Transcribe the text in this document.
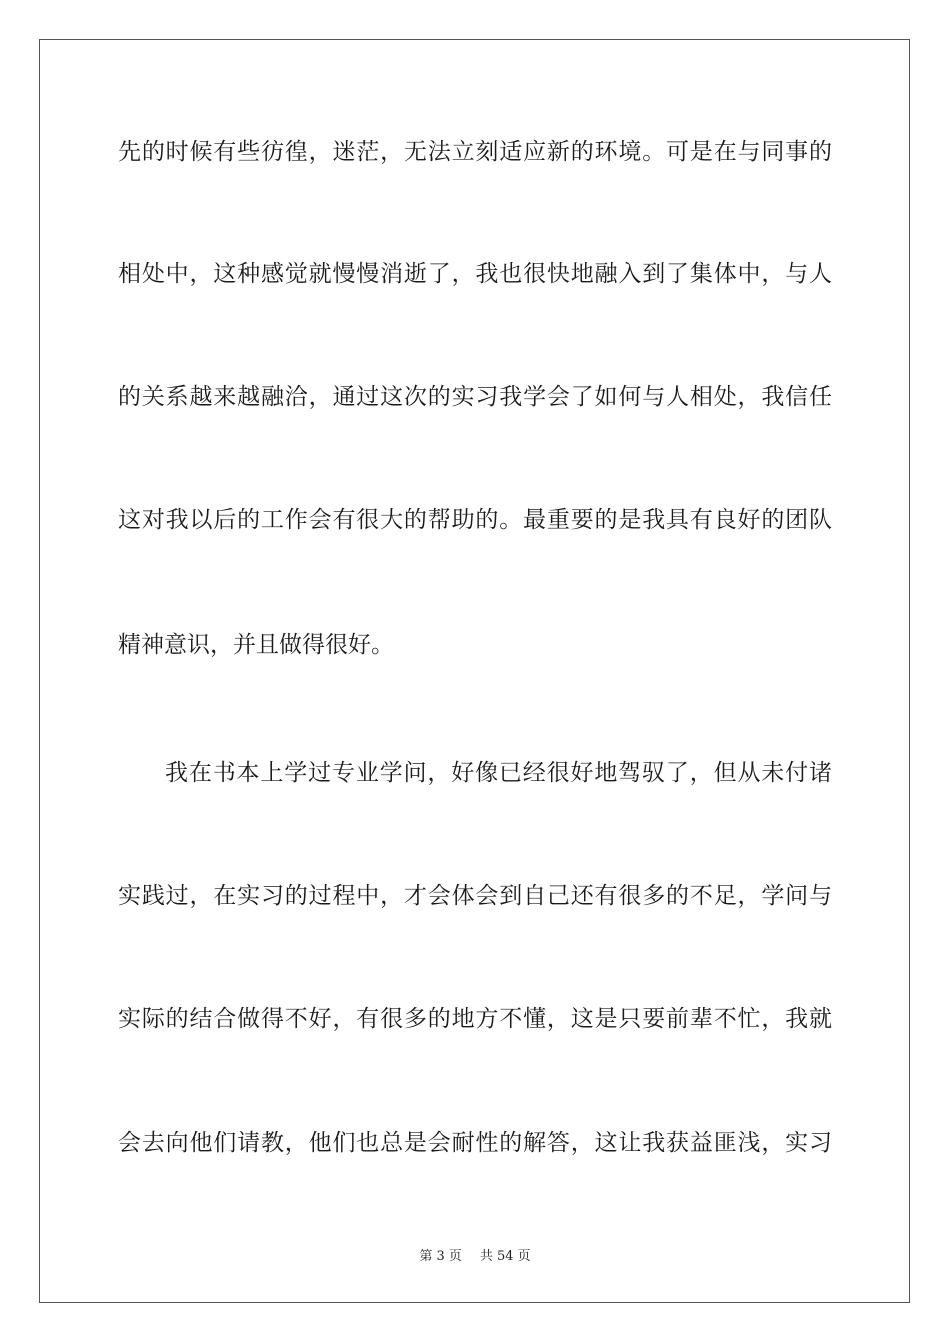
先的时候有些彷徨，迷茫，无法立刻适应新的环境。可是在与同事的
相处中，这种感觉就慢慢消逝了，我也很快地融入到了集体中，与人
的关系越来越融洽，通过这次的实习我学会了如何与人相处，我信任
这对我以后的工作会有很大的帮助的。最重要的是我具有良好的团队
精神意识，并且做得很好。
我在书本上学过专业学问，好像已经很好地驾驭了，但从未付诸
实践过，在实习的过程中，才会体会到自己还有很多的不足，学问与
实际的结合做得不好，有很多的地方不懂，这是只要前辈不忙，我就
会去向他们请教，他们也总是会耐性的解答，这让我获益匪浅，实习
第 3 页 共 54 页
